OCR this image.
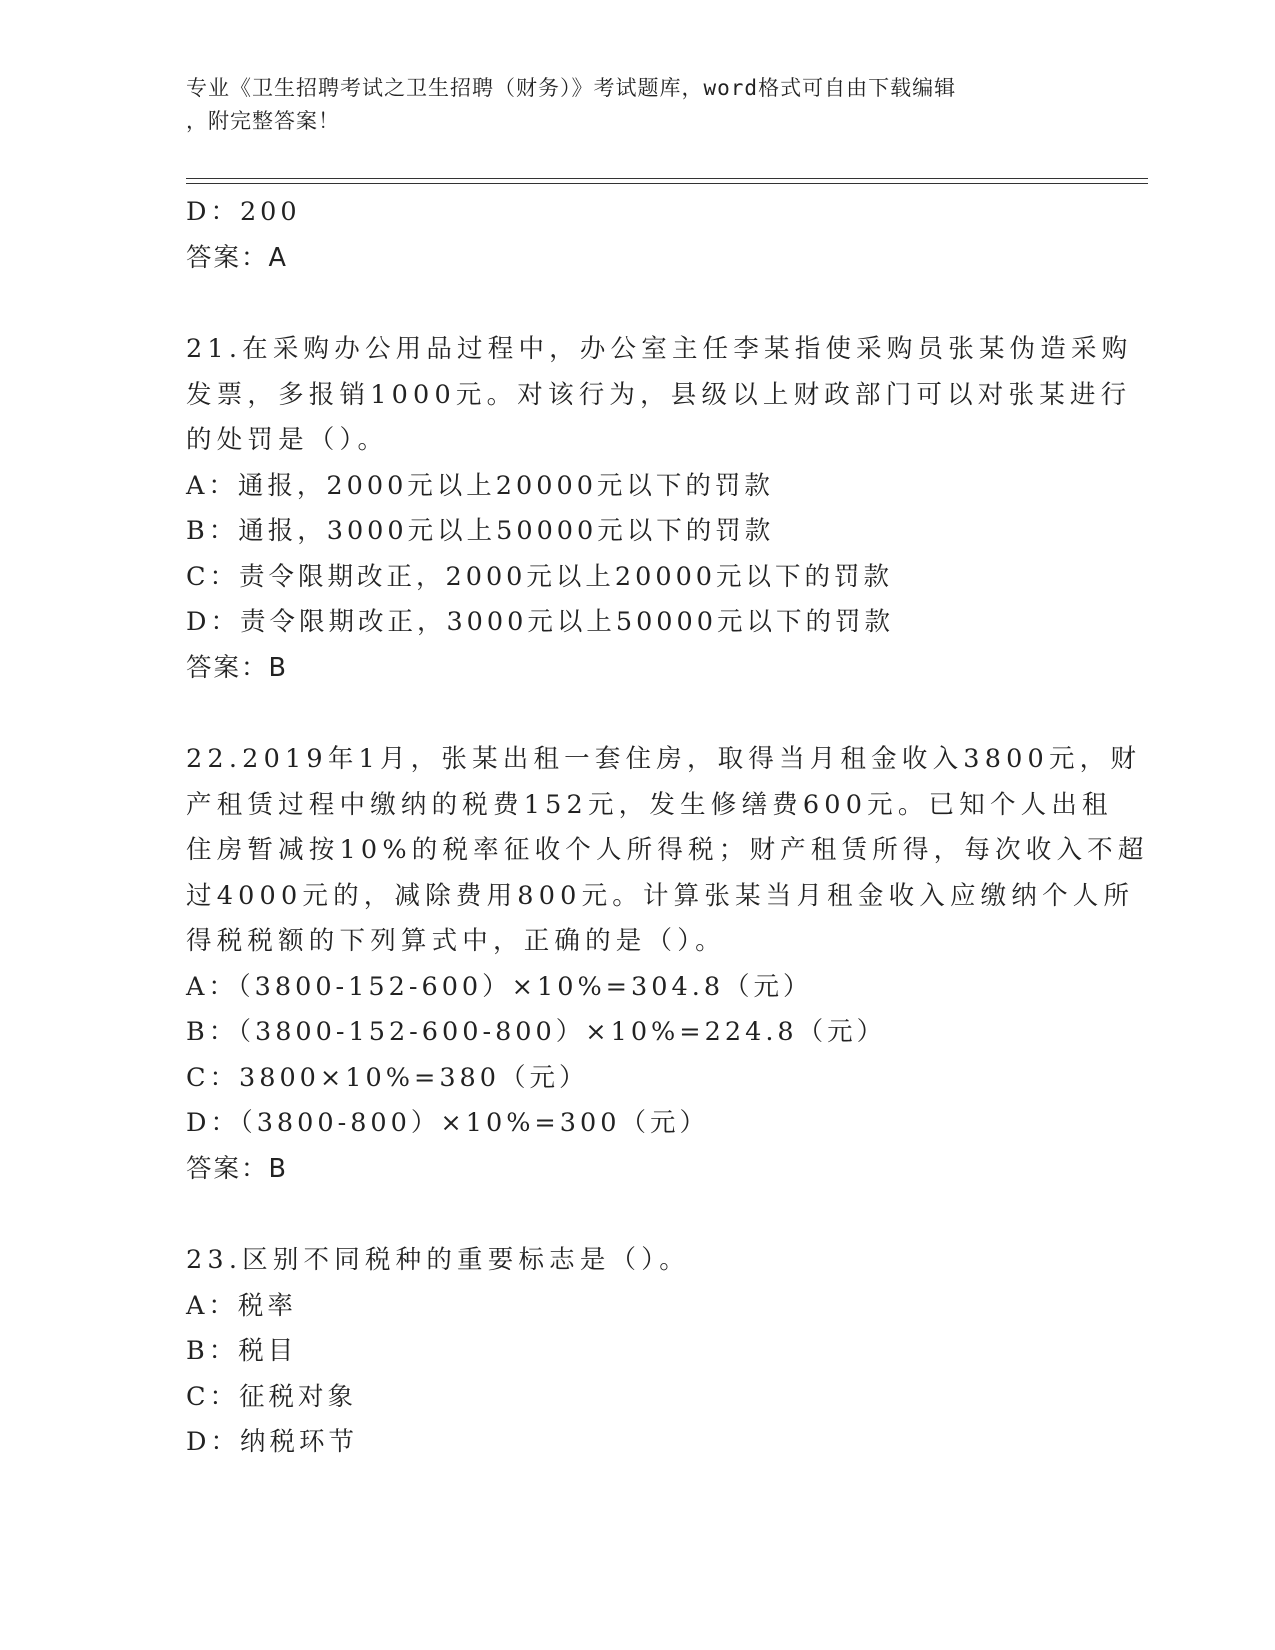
专业《卫生招聘考试之卫生招聘（财务）》考试题库，word格式可自由下载编辑
，附完整答案！
D：200
答案：A
21.在采购办公用品过程中，办公室主任李某指使采购员张某伪造采购
发票，多报销1000元。对该行为，县级以上财政部门可以对张某进行
的处罚是（）。
A：通报，2000元以上20000元以下的罚款
B：通报，3000元以上50000元以下的罚款
C：责令限期改正，2000元以上20000元以下的罚款
D：责令限期改正，3000元以上50000元以下的罚款
答案：B
22.2019年1月，张某出租一套住房，取得当月租金收入3800元，财
产租赁过程中缴纳的税费152元，发生修缮费600元。已知个人出租
住房暂减按10%的税率征收个人所得税；财产租赁所得，每次收入不超
过4000元的，减除费用800元。计算张某当月租金收入应缴纳个人所
得税税额的下列算式中，正确的是（）。
A：（3800-152-600）×10%=304.8（元）
B：（3800-152-600-800）×10%=224.8（元）
C：3800×10%=380（元）
D：（3800-800）×10%=300（元）
答案：B
23.区别不同税种的重要标志是（）。
A：税率
B：税目
C：征税对象
D：纳税环节
